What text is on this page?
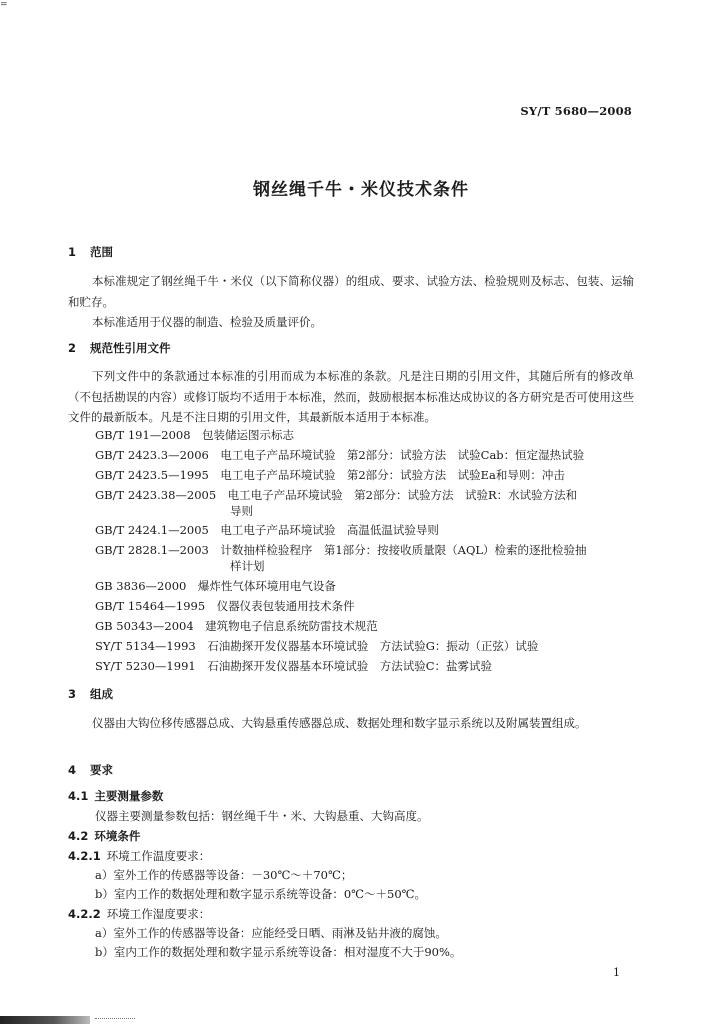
=
SY/T 5680—2008
钢丝绳千牛・米仪技术条件
1 范围
本标准规定了钢丝绳千牛・米仪（以下简称仪器）的组成、要求、试验方法、检验规则及标志、包装、运输和贮存。
本标准适用于仪器的制造、检验及质量评价。
2 规范性引用文件
下列文件中的条款通过本标准的引用而成为本标准的条款。凡是注日期的引用文件，其随后所有的修改单（不包括勘误的内容）或修订版均不适用于本标准，然而，鼓励根据本标准达成协议的各方研究是否可使用这些文件的最新版本。凡是不注日期的引用文件，其最新版本适用于本标准。
GB/T 191—2008　包装储运图示标志
GB/T 2423.3—2006　电工电子产品环境试验　第2部分：试验方法　试验Cab：恒定湿热试验
GB/T 2423.5—1995　电工电子产品环境试验　第2部分：试验方法　试验Ea和导则：冲击
GB/T 2423.38—2005　电工电子产品环境试验　第2部分：试验方法　试验R：水试验方法和
导则
GB/T 2424.1—2005　电工电子产品环境试验　高温低温试验导则
GB/T 2828.1—2003　计数抽样检验程序　第1部分：按接收质量限（AQL）检索的逐批检验抽
样计划
GB 3836—2000　爆炸性气体环境用电气设备
GB/T 15464—1995　仪器仪表包装通用技术条件
GB 50343—2004　建筑物电子信息系统防雷技术规范
SY/T 5134—1993　石油勘探开发仪器基本环境试验　方法试验G：振动（正弦）试验
SY/T 5230—1991　石油勘探开发仪器基本环境试验　方法试验C：盐雾试验
3 组成
仪器由大钩位移传感器总成、大钩悬重传感器总成、数据处理和数字显示系统以及附属装置组成。
4 要求
4.1 主要测量参数
仪器主要测量参数包括：钢丝绳千牛・米、大钩悬重、大钩高度。
4.2 环境条件
4.2.1 环境工作温度要求：
a）室外工作的传感器等设备：－30℃～＋70℃；
b）室内工作的数据处理和数字显示系统等设备：0℃～＋50℃。
4.2.2 环境工作湿度要求：
a）室外工作的传感器等设备：应能经受日晒、雨淋及钻井液的腐蚀。
b）室内工作的数据处理和数字显示系统等设备：相对湿度不大于90%。
1
